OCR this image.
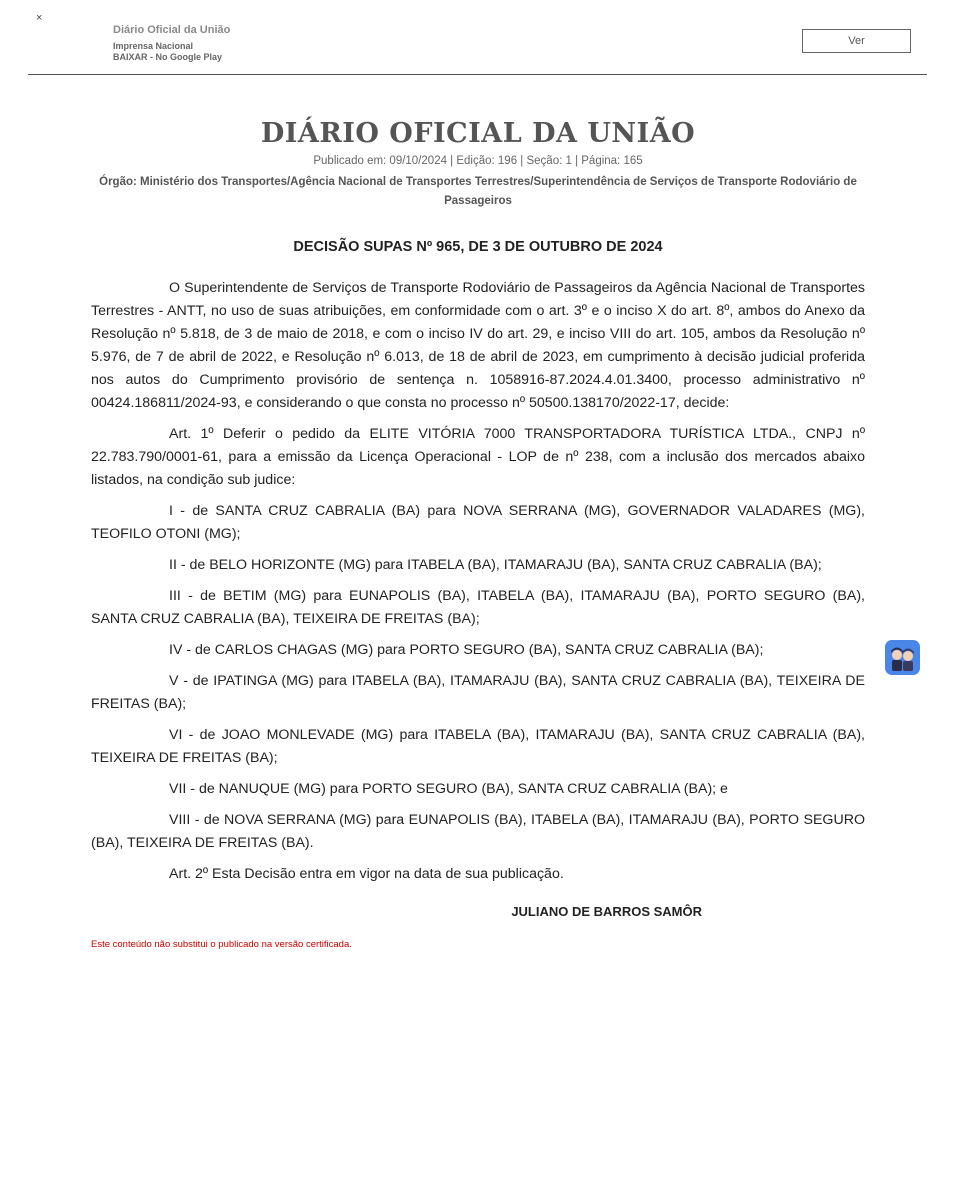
×
Diário Oficial da União
Imprensa Nacional
BAIXAR - No Google Play
Ver
DIÁRIO OFICIAL DA UNIÃO
Publicado em: 09/10/2024 | Edição: 196 | Seção: 1 | Página: 165
Órgão: Ministério dos Transportes/Agência Nacional de Transportes Terrestres/Superintendência de Serviços de Transporte Rodoviário de Passageiros
DECISÃO SUPAS Nº 965, DE 3 DE OUTUBRO DE 2024

O Superintendente de Serviços de Transporte Rodoviário de Passageiros da Agência Nacional de Transportes Terrestres - ANTT, no uso de suas atribuições, em conformidade com o art. 3º e o inciso X do art. 8º, ambos do Anexo da Resolução nº 5.818, de 3 de maio de 2018, e com o inciso IV do art. 29, e inciso VIII do art. 105, ambos da Resolução nº 5.976, de 7 de abril de 2022, e Resolução nº 6.013, de 18 de abril de 2023, em cumprimento à decisão judicial proferida nos autos do Cumprimento provisório de sentença n. 1058916-87.2024.4.01.3400, processo administrativo nº 00424.186811/2024-93, e considerando o que consta no processo nº 50500.138170/2022-17, decide:

Art. 1º Deferir o pedido da ELITE VITÓRIA 7000 TRANSPORTADORA TURÍSTICA LTDA., CNPJ nº 22.783.790/0001-61, para a emissão da Licença Operacional - LOP de nº 238, com a inclusão dos mercados abaixo listados, na condição sub judice:

I - de SANTA CRUZ CABRALIA (BA) para NOVA SERRANA (MG), GOVERNADOR VALADARES (MG), TEOFILO OTONI (MG);

II - de BELO HORIZONTE (MG) para ITABELA (BA), ITAMARAJU (BA), SANTA CRUZ CABRALIA (BA);

III - de BETIM (MG) para EUNAPOLIS (BA), ITABELA (BA), ITAMARAJU (BA), PORTO SEGURO (BA), SANTA CRUZ CABRALIA (BA), TEIXEIRA DE FREITAS (BA);

IV - de CARLOS CHAGAS (MG) para PORTO SEGURO (BA), SANTA CRUZ CABRALIA (BA);

V - de IPATINGA (MG) para ITABELA (BA), ITAMARAJU (BA), SANTA CRUZ CABRALIA (BA), TEIXEIRA DE FREITAS (BA);

VI - de JOAO MONLEVADE (MG) para ITABELA (BA), ITAMARAJU (BA), SANTA CRUZ CABRALIA (BA), TEIXEIRA DE FREITAS (BA);

VII - de NANUQUE (MG) para PORTO SEGURO (BA), SANTA CRUZ CABRALIA (BA); e

VIII - de NOVA SERRANA (MG) para EUNAPOLIS (BA), ITABELA (BA), ITAMARAJU (BA), PORTO SEGURO (BA), TEIXEIRA DE FREITAS (BA).

Art. 2º Esta Decisão entra em vigor na data de sua publicação.

JULIANO DE BARROS SAMÔR
Este conteúdo não substitui o publicado na versão certificada.
